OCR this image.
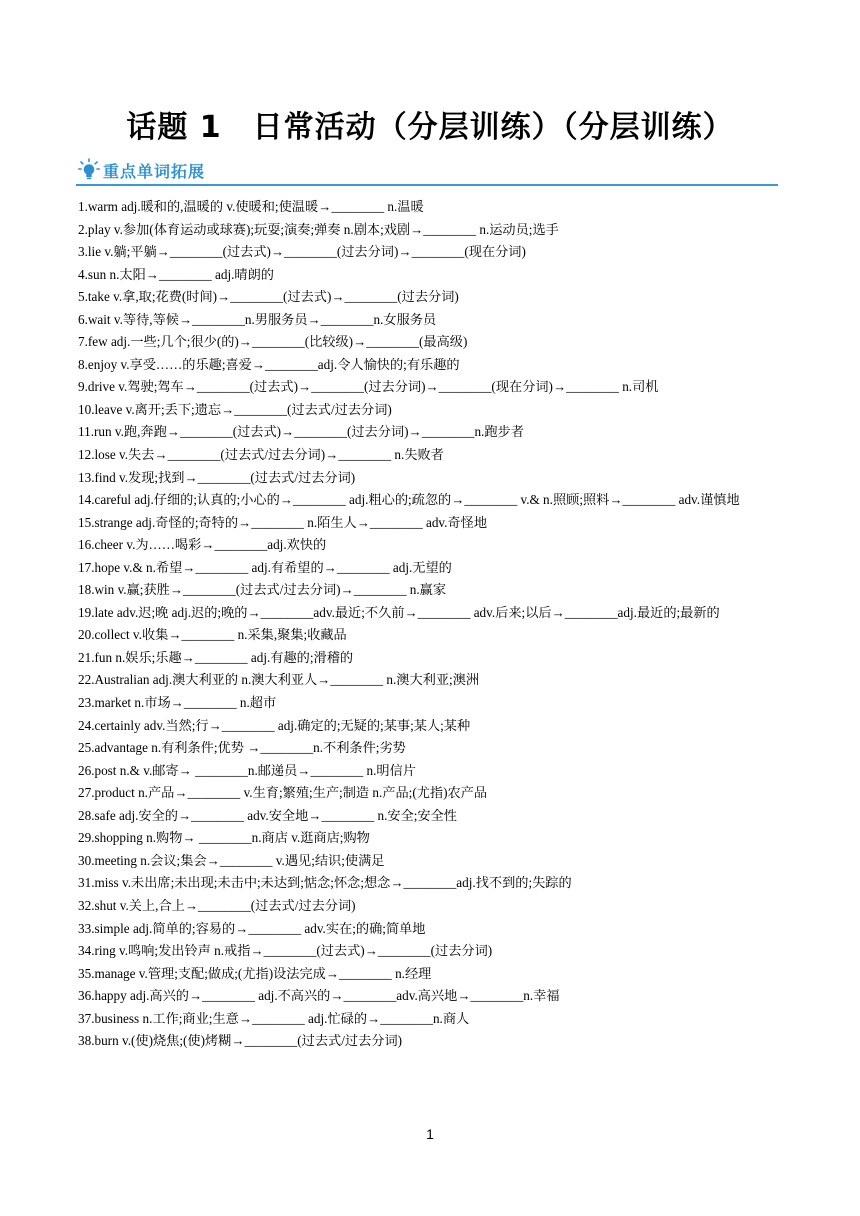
话题 1　日常活动（分层训练）（分层训练）
重点单词拓展
1.warm adj.暖和的,温暖的 v.使暖和;使温暖→________ n.温暖
2.play v.参加(体育运动或球赛);玩耍;演奏;弹奏 n.剧本;戏剧→________ n.运动员;选手
3.lie v.躺;平躺→________(过去式)→________(过去分词)→________(现在分词)
4.sun n.太阳→________ adj.晴朗的
5.take v.拿,取;花费(时间)→________(过去式)→________(过去分词)
6.wait v.等待,等候→________n.男服务员→________n.女服务员
7.few adj.一些;几个;很少(的)→________(比较级)→________(最高级)
8.enjoy v.享受……的乐趣;喜爱→________adj.令人愉快的;有乐趣的
9.drive v.驾驶;驾车→________(过去式)→________(过去分词)→________(现在分词)→________ n.司机
10.leave v.离开;丢下;遗忘→________(过去式/过去分词)
11.run v.跑,奔跑→________(过去式)→________(过去分词)→________n.跑步者
12.lose v.失去→________(过去式/过去分词)→________ n.失败者
13.find v.发现;找到→________(过去式/过去分词)
14.careful adj.仔细的;认真的;小心的→________ adj.粗心的;疏忽的→________ v.& n.照顾;照料→________ adv.谨慎地
15.strange adj.奇怪的;奇特的→________ n.陌生人→________ adv.奇怪地
16.cheer v.为……喝彩→________adj.欢快的
17.hope v.& n.希望→________ adj.有希望的→________ adj.无望的
18.win v.赢;获胜→________(过去式/过去分词)→________ n.赢家
19.late adv.迟;晚 adj.迟的;晚的→________adv.最近;不久前→________ adv.后来;以后→________adj.最近的;最新的
20.collect v.收集→________ n.采集,聚集;收藏品
21.fun n.娱乐;乐趣→________ adj.有趣的;滑稽的
22.Australian adj.澳大利亚的 n.澳大利亚人→________ n.澳大利亚;澳洲
23.market n.市场→________ n.超市
24.certainly adv.当然;行→________ adj.确定的;无疑的;某事;某人;某种
25.advantage n.有利条件;优势 →________n.不利条件;劣势
26.post n.& v.邮寄→ ________n.邮递员→________ n.明信片
27.product n.产品→________ v.生育;繁殖;生产;制造 n.产品;(尤指)农产品
28.safe adj.安全的→________ adv.安全地→________ n.安全;安全性
29.shopping n.购物→ ________n.商店 v.逛商店;购物
30.meeting n.会议;集会→________ v.遇见;结识;使满足
31.miss v.未出席;未出现;未击中;未达到;惦念;怀念;想念→________adj.找不到的;失踪的
32.shut v.关上,合上→________(过去式/过去分词)
33.simple adj.简单的;容易的→________ adv.实在;的确;简单地
34.ring v.鸣响;发出铃声 n.戒指→________(过去式)→________(过去分词)
35.manage v.管理;支配;做成;(尤指)设法完成→________ n.经理
36.happy adj.高兴的→________ adj.不高兴的→________adv.高兴地→________n.幸福
37.business n.工作;商业;生意→________ adj.忙碌的→________n.商人
38.burn v.(使)烧焦;(使)烤糊→________(过去式/过去分词)
1
